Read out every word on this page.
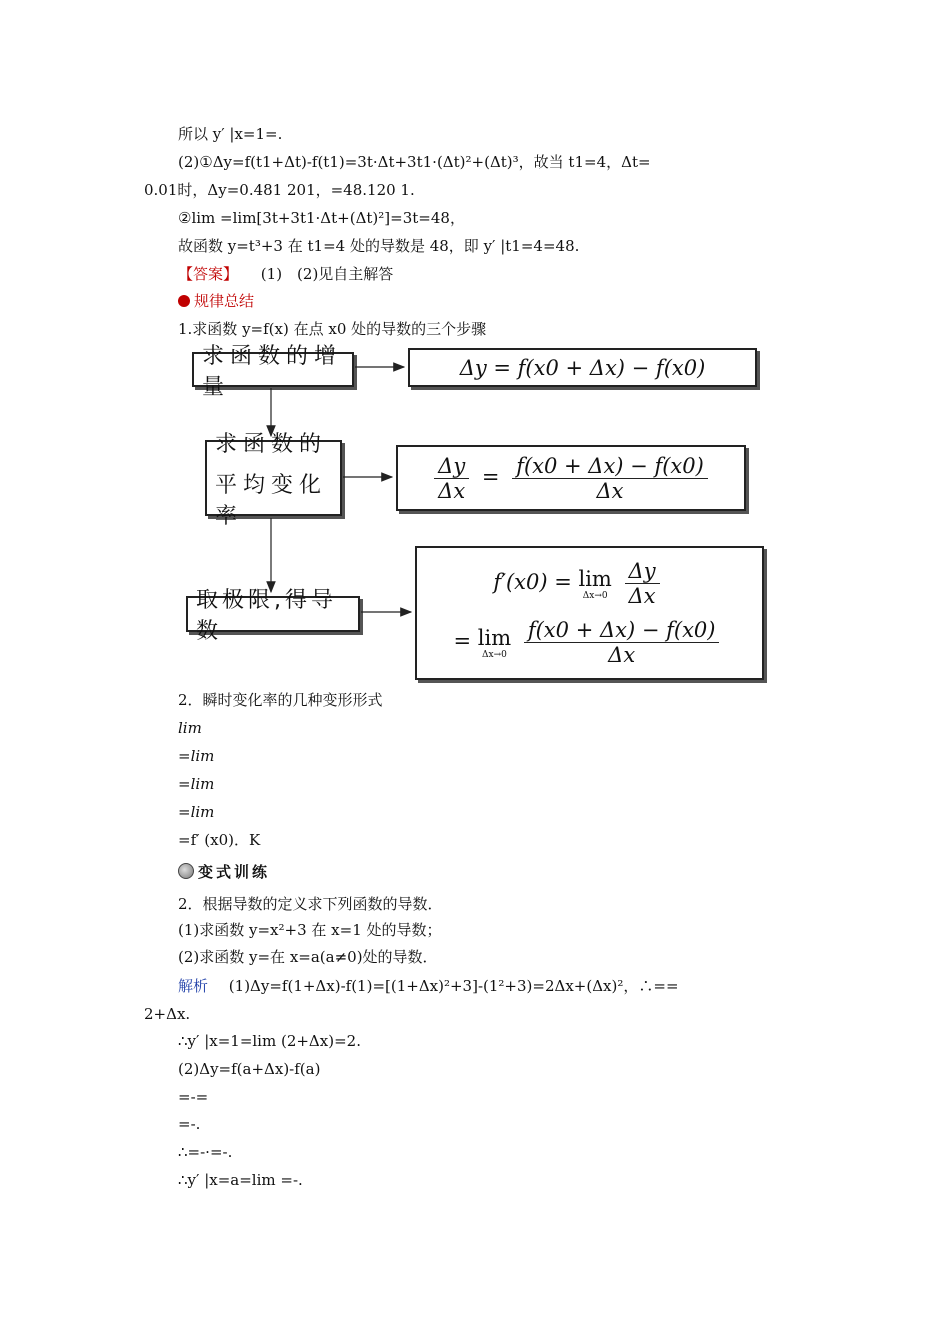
所以 y′ |x=1=.
(2)①Δy=f(t1+Δt)-f(t1)=3t·Δt+3t1·(Δt)²+(Δt)³，故当 t1=4，Δt=
0.01时，Δy=0.481 201，=48.120 1.
②lim =lim[3t+3t1·Δt+(Δt)²]=3t=48，
故函数 y=t³+3 在 t1=4 处的导数是 48，即 y′ |t1=4=48.
【答案】 (1)　(2)见自主解答
规律总结
1.求函数 y=f(x) 在点 x0 处的导数的三个步骤
求函数的增量
Δy = f(x0 + Δx) − f(x0)
求函数的
平均变化率
$\frac{\Delta y}{\Delta x} = \frac{f(x0 + \Delta x) - f(x0)}{\Delta x}$
取极限,得导数
f′(x0) = lim
Δx→0
$\frac{\Delta y}{\Delta x}$
= lim
Δx→0
$\frac{f(x0 + \Delta x) - f(x0)}{\Delta x}$
2．瞬时变化率的几种变形形式
lim
=lim
=lim
=lim
=f′ (x0)．K
变式训练
2．根据导数的定义求下列函数的导数．
(1)求函数 y=x²+3 在 x=1 处的导数；
(2)求函数 y=在 x=a(a≠0)处的导数．
解析 (1)Δy=f(1+Δx)-f(1)=[(1+Δx)²+3]-(1²+3)=2Δx+(Δx)²，∴==
2+Δx.
∴y′ |x=1=lim (2+Δx)=2.
(2)Δy=f(a+Δx)-f(a)
=-=
=-.
∴=-·=-.
∴y′ |x=a=lim =-.
